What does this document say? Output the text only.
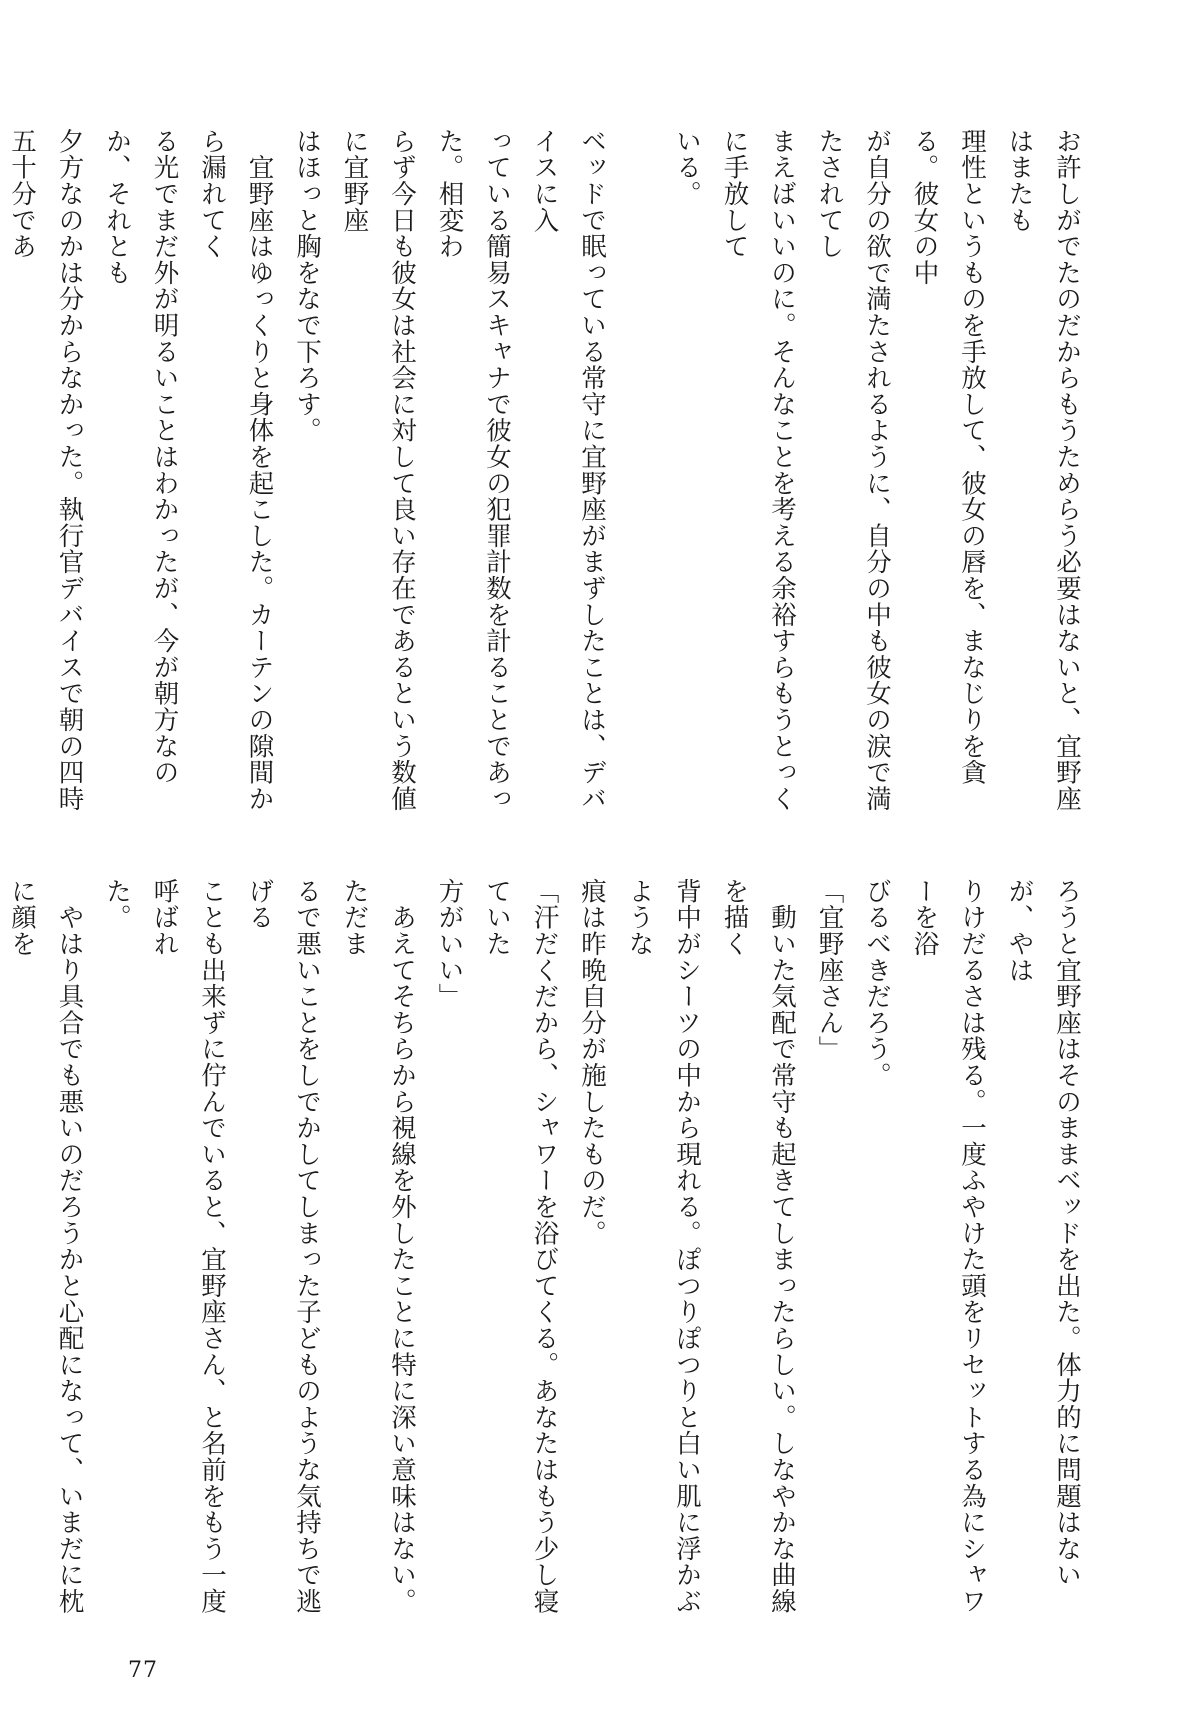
お許しがでたのだからもうためらう必要はないと、宜野座はまたも

理性というものを手放して、彼女の唇を、まなじりを貪る。彼女の中

が自分の欲で満たされるように、自分の中も彼女の涙で満たされてし

まえばいいのに。そんなことを考える余裕すらもうとっくに手放して

いる。

ベッドで眠っている常守に宜野座がまずしたことは、デバイスに入

っている簡易スキャナで彼女の犯罪計数を計ることであった。相変わ

らず今日も彼女は社会に対して良い存在であるという数値に宜野座

はほっと胸をなで下ろす。

　宜野座はゆっくりと身体を起こした。カーテンの隙間から漏れてく

る光でまだ外が明るいことはわかったが、今が朝方なのか、それとも

夕方なのかは分からなかった。執行官デバイスで朝の四時五十分であ

ろうと宜野座はそのままベッドを出た。体力的に問題はないが、やは

りけだるさは残る。一度ふやけた頭をリセットする為にシャワーを浴

びるべきだろう。

「宜野座さん」

　動いた気配で常守も起きてしまったらしい。しなやかな曲線を描く

背中がシーツの中から現れる。ぽつりぽつりと白い肌に浮かぶような

痕は昨晩自分が施したものだ。

「汗だくだから、シャワーを浴びてくる。あなたはもう少し寝ていた

方がいい」

　あえてそちらから視線を外したことに特に深い意味はない。ただま

るで悪いことをしでかしてしまった子どものような気持ちで逃げる

ことも出来ずに佇んでいると、宜野座さん、と名前をもう一度呼ばれ

た。

　やはり具合でも悪いのだろうかと心配になって、いまだに枕に顔を

77
